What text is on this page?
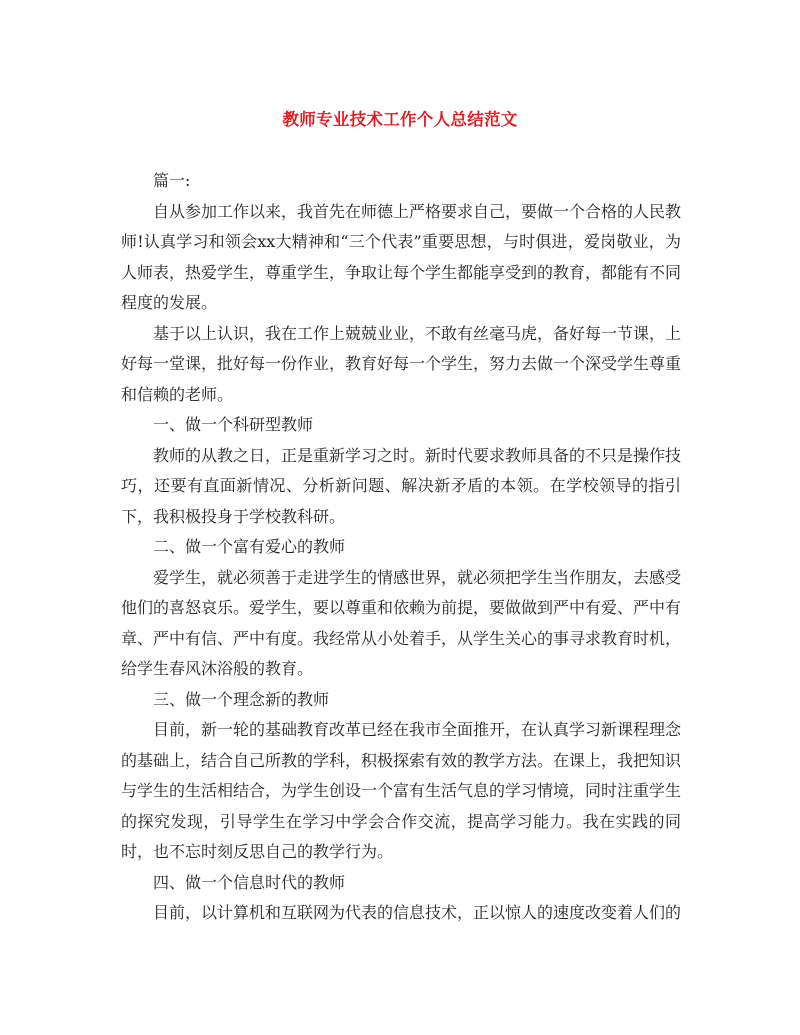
教师专业技术工作个人总结范文

篇一:

自从参加工作以来，我首先在师德上严格要求自己，要做一个合格的人民教师!认真学习和领会xx大精神和“三个代表”重要思想，与时俱进，爱岗敬业，为人师表，热爱学生，尊重学生，争取让每个学生都能享受到的教育，都能有不同程度的发展。

基于以上认识，我在工作上兢兢业业，不敢有丝毫马虎，备好每一节课，上好每一堂课，批好每一份作业，教育好每一个学生，努力去做一个深受学生尊重和信赖的老师。

一、做一个科研型教师

教师的从教之日，正是重新学习之时。新时代要求教师具备的不只是操作技巧，还要有直面新情况、分析新问题、解决新矛盾的本领。在学校领导的指引下，我积极投身于学校教科研。

二、做一个富有爱心的教师

爱学生，就必须善于走进学生的情感世界，就必须把学生当作朋友，去感受他们的喜怒哀乐。爱学生，要以尊重和依赖为前提，要做做到严中有爱、严中有章、严中有信、严中有度。我经常从小处着手，从学生关心的事寻求教育时机，给学生春风沐浴般的教育。

三、做一个理念新的教师

目前，新一轮的基础教育改革已经在我市全面推开，在认真学习新课程理念的基础上，结合自己所教的学科，积极探索有效的教学方法。在课上，我把知识与学生的生活相结合，为学生创设一个富有生活气息的学习情境，同时注重学生的探究发现，引导学生在学习中学会合作交流，提高学习能力。我在实践的同时，也不忘时刻反思自己的教学行为。

四、做一个信息时代的教师

目前，以计算机和互联网为代表的信息技术，正以惊人的速度改变着人们的
